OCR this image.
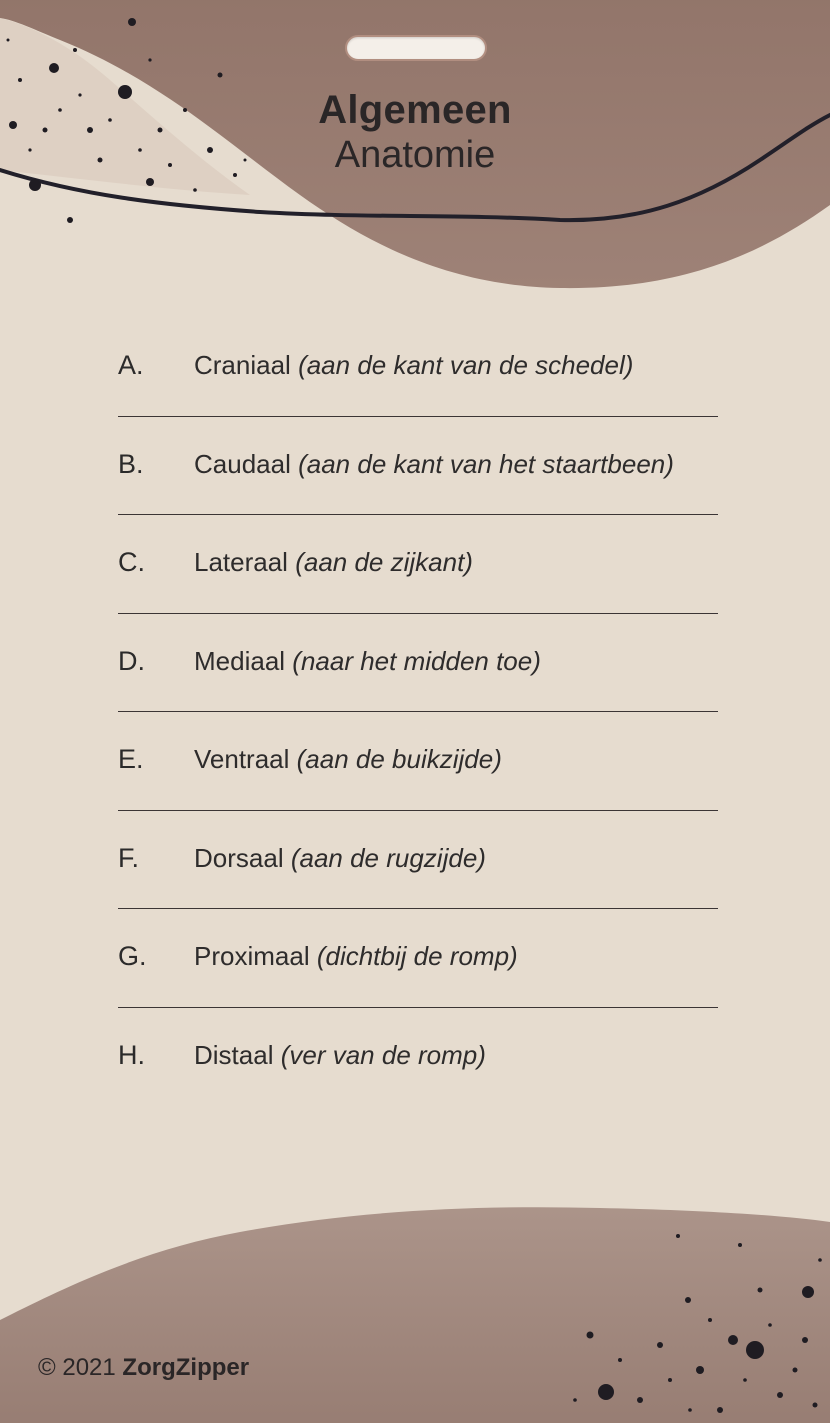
Algemeen
Anatomie
A. Craniaal (aan de kant van de schedel)
B. Caudaal (aan de kant van het staartbeen)
C. Lateraal (aan de zijkant)
D. Mediaal (naar het midden toe)
E. Ventraal (aan de buikzijde)
F. Dorsaal (aan de rugzijde)
G. Proximaal (dichtbij de romp)
H. Distaal (ver van de romp)
© 2021 ZorgZipper
